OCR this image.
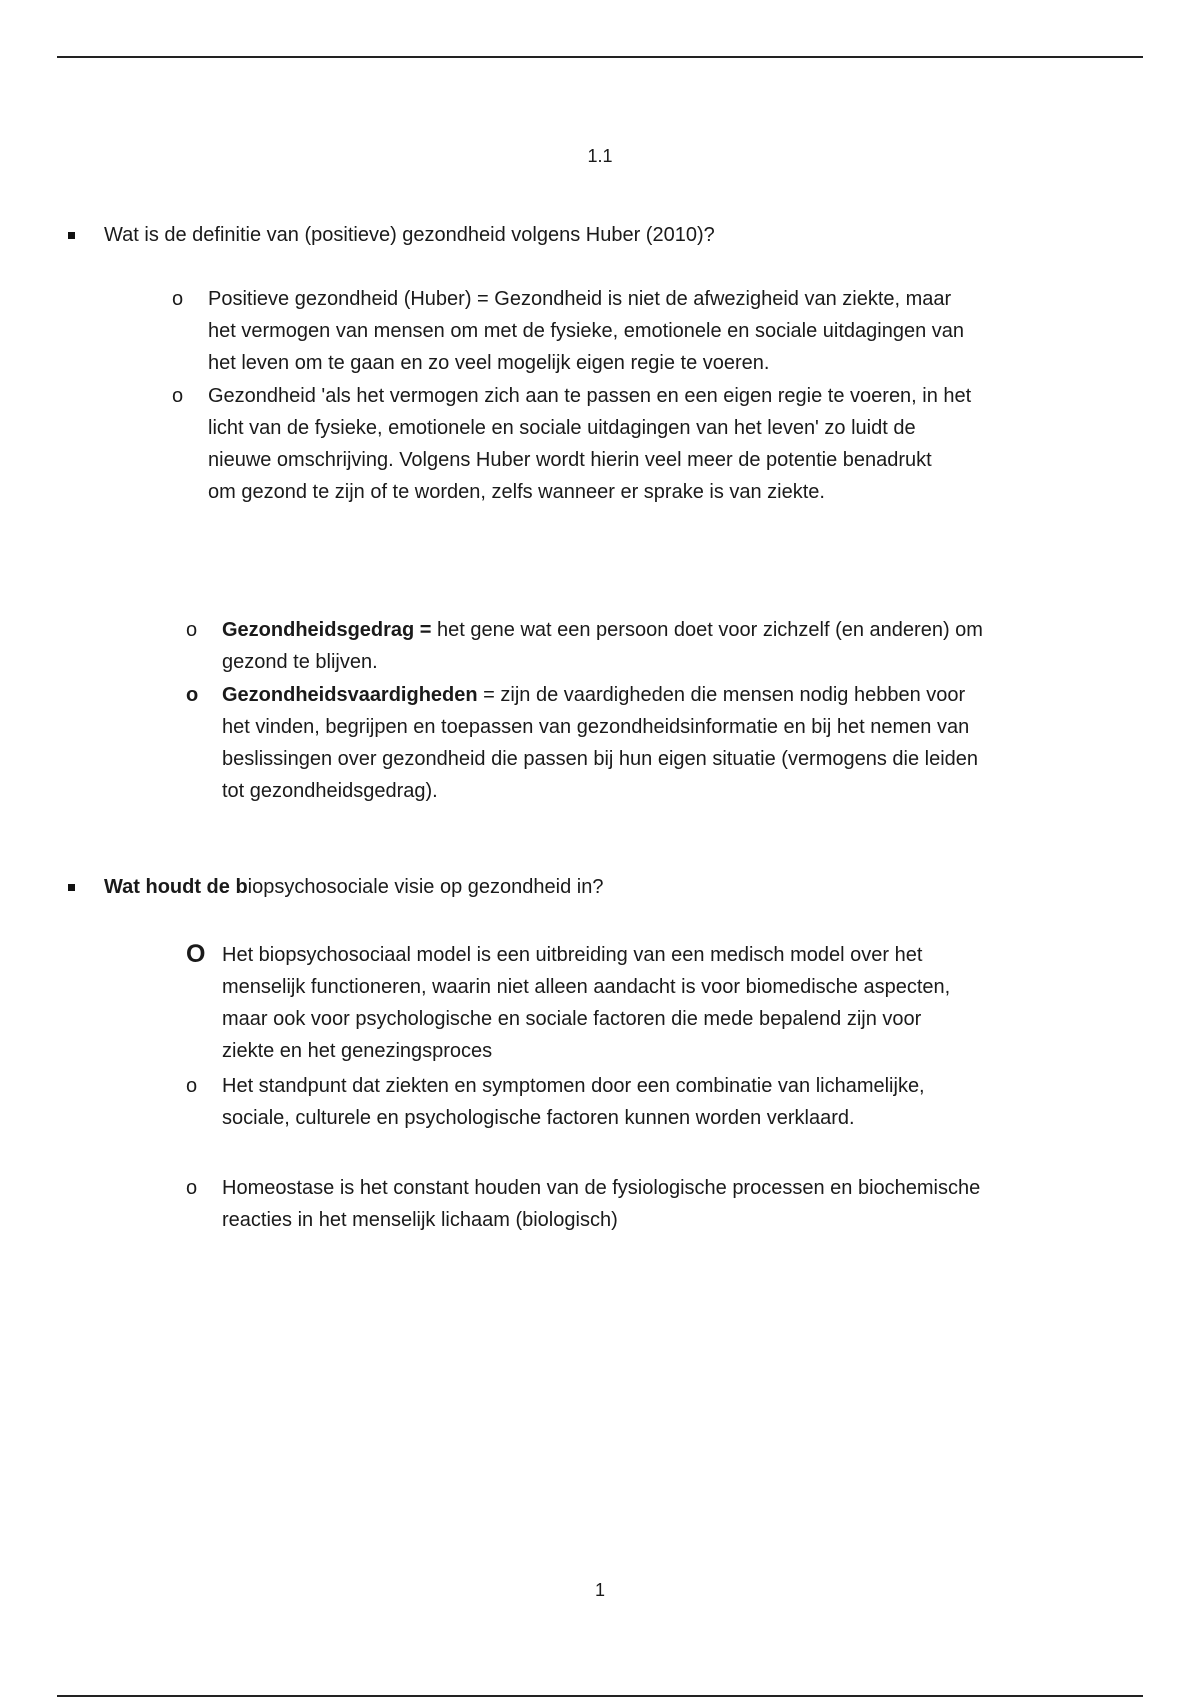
1.1
Wat is de definitie van (positieve) gezondheid volgens Huber (2010)?
o Positieve gezondheid (Huber) = Gezondheid is niet de afwezigheid van ziekte, maar
het vermogen van mensen om met de fysieke, emotionele en sociale uitdagingen van
het leven om te gaan en zo veel mogelijk eigen regie te voeren.
o Gezondheid 'als het vermogen zich aan te passen en een eigen regie te voeren, in het
licht van de fysieke, emotionele en sociale uitdagingen van het leven' zo luidt de
nieuwe omschrijving. Volgens Huber wordt hierin veel meer de potentie benadrukt
om gezond te zijn of te worden, zelfs wanneer er sprake is van ziekte.
o Gezondheidsgedrag = het gene wat een persoon doet voor zichzelf (en anderen) om
gezond te blijven.
o Gezondheidsvaardigheden = zijn de vaardigheden die mensen nodig hebben voor
het vinden, begrijpen en toepassen van gezondheidsinformatie en bij het nemen van
beslissingen over gezondheid die passen bij hun eigen situatie (vermogens die leiden
tot gezondheidsgedrag).
Wat houdt de biopsychosociale visie op gezondheid in?
O Het biopsychosociaal model is een uitbreiding van een medisch model over het
menselijk functioneren, waarin niet alleen aandacht is voor biomedische aspecten,
maar ook voor psychologische en sociale factoren die mede bepalend zijn voor
ziekte en het genezingsproces
o Het standpunt dat ziekten en symptomen door een combinatie van lichamelijke,
sociale, culturele en psychologische factoren kunnen worden verklaard.
o Homeostase is het constant houden van de fysiologische processen en biochemische
reacties in het menselijk lichaam (biologisch)
1
